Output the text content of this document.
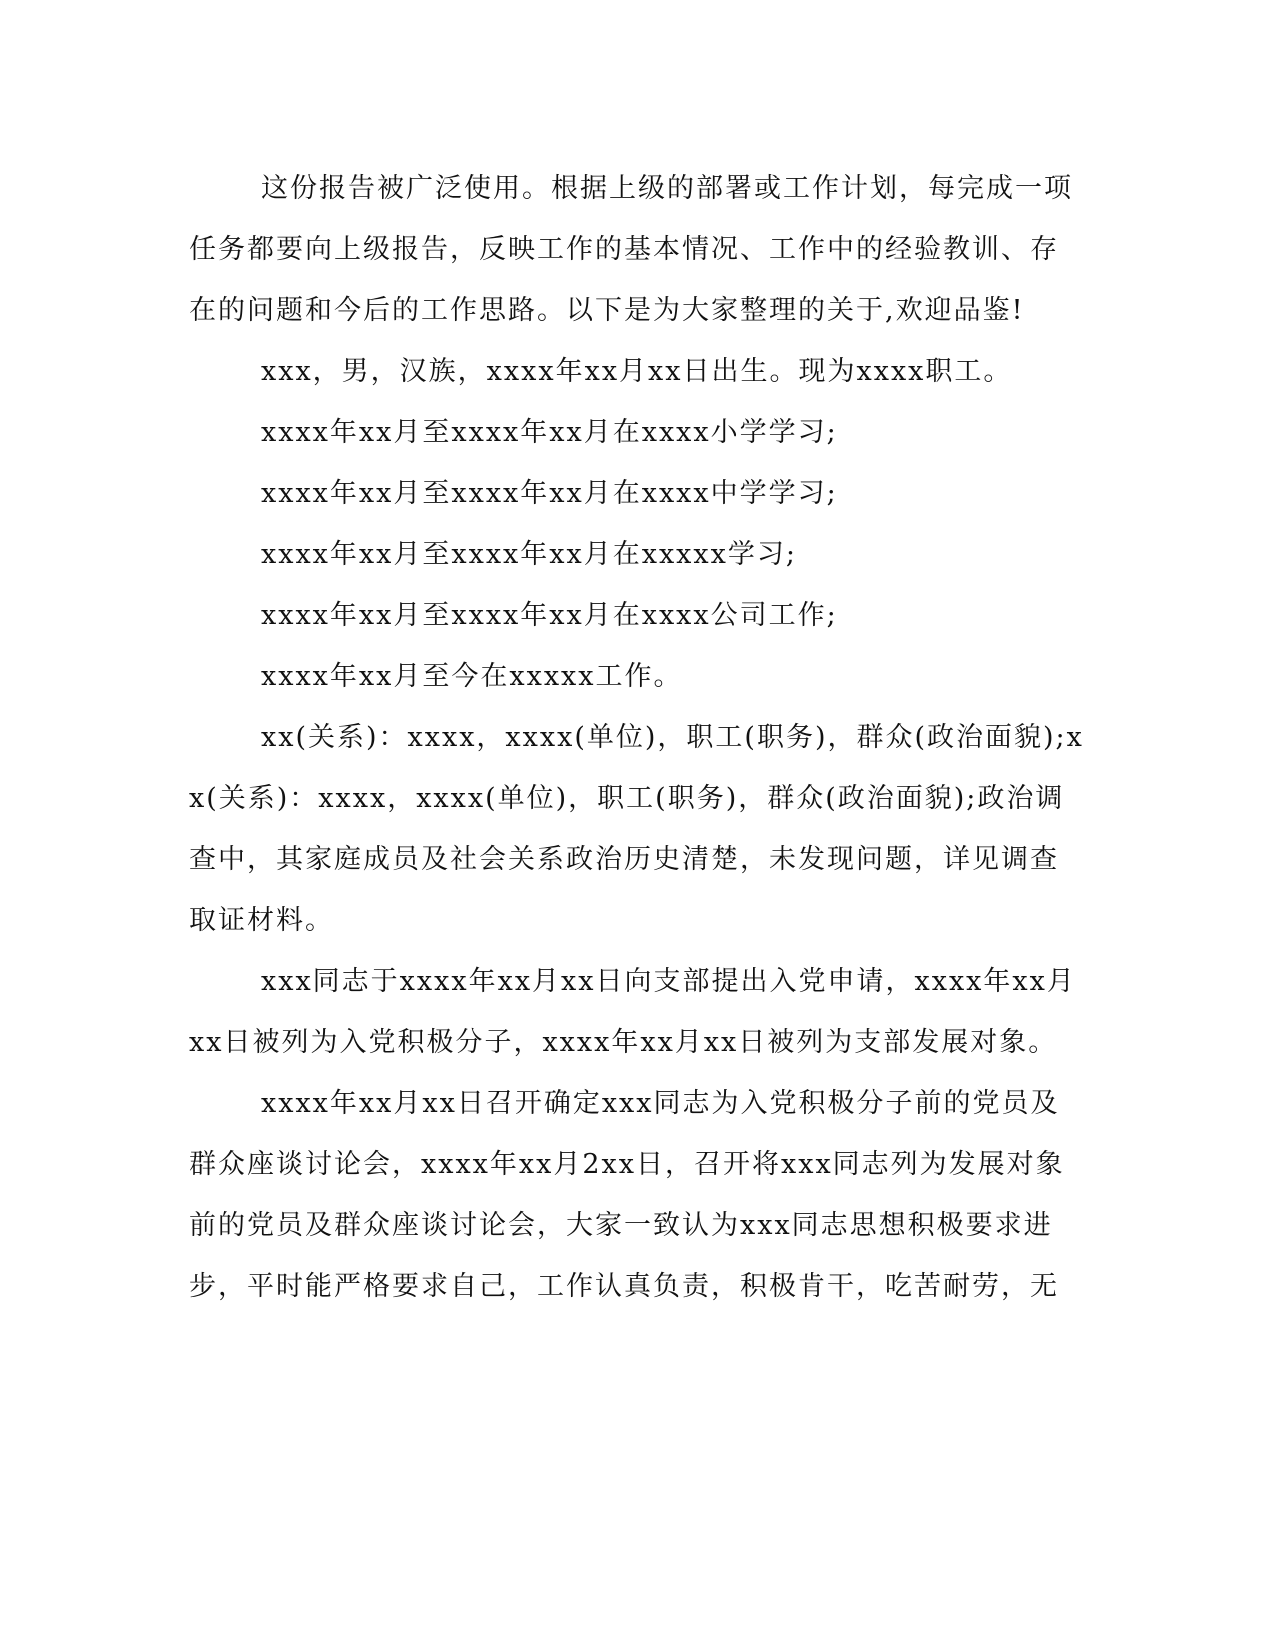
这份报告被广泛使用。根据上级的部署或工作计划，每完成一项任务都要向上级报告，反映工作的基本情况、工作中的经验教训、存在的问题和今后的工作思路。以下是为大家整理的关于,欢迎品鉴!

xxx，男，汉族，xxxx年xx月xx日出生。现为xxxx职工。

xxxx年xx月至xxxx年xx月在xxxx小学学习;

xxxx年xx月至xxxx年xx月在xxxx中学学习;

xxxx年xx月至xxxx年xx月在xxxxx学习;

xxxx年xx月至xxxx年xx月在xxxx公司工作;

xxxx年xx月至今在xxxxx工作。

xx(关系)：xxxx，xxxx(单位)，职工(职务)，群众(政治面貌);xx(关系)：xxxx，xxxx(单位)，职工(职务)，群众(政治面貌);政治调查中，其家庭成员及社会关系政治历史清楚，未发现问题，详见调查取证材料。

xxx同志于xxxx年xx月xx日向支部提出入党申请，xxxx年xx月xx日被列为入党积极分子，xxxx年xx月xx日被列为支部发展对象。

xxxx年xx月xx日召开确定xxx同志为入党积极分子前的党员及群众座谈讨论会，xxxx年xx月2xx日，召开将xxx同志列为发展对象前的党员及群众座谈讨论会，大家一致认为xxx同志思想积极要求进步，平时能严格要求自己，工作认真负责，积极肯干，吃苦耐劳，无
